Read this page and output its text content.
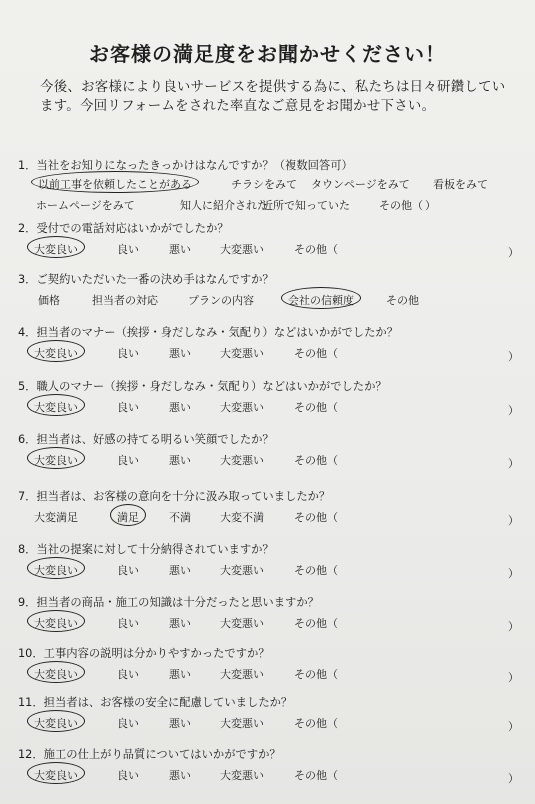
お客様の満足度をお聞かせください！
今後、お客様により良いサービスを提供する為に、私たちは日々研鑽しています。今回リフォームをされた率直なご意見をお聞かせ下さい。
1．当社をお知りになったきっかけはなんですか？（複数回答可）
以前工事を依頼したことがある	チラシをみて タウンページをみて 看板をみて
ホームページをみて	知人に紹介された
近所で知っていた	その他（ ）
2．受付での電話対応はいかがでしたか？
大変良い	良い	悪い	大変悪い	その他（	）
3．ご契約いただいた一番の決め手はなんですか？
価格	担当者の対応	プランの内容	会社の信頼度	その他
4．担当者のマナー（挨拶・身だしなみ・気配り）などはいかがでしたか？
大変良い	良い	悪い	大変悪い	その他（	）
5．職人のマナー（挨拶・身だしなみ・気配り）などはいかがでしたか？
大変良い	良い	悪い	大変悪い	その他（	）
6．担当者は、好感の持てる明るい笑顔でしたか？
大変良い	良い	悪い	大変悪い	その他（	）
7．担当者は、お客様の意向を十分に汲み取っていましたか？
大変満足	満足	不満	大変不満	その他（	）
8．当社の提案に対して十分納得されていますか？
大変良い	良い	悪い	大変悪い	その他（	）
9．担当者の商品・施工の知識は十分だったと思いますか？
大変良い	良い	悪い	大変悪い	その他（	）
10．工事内容の説明は分かりやすかったですか？
大変良い	良い	悪い	大変悪い	その他（	）
11．担当者は、お客様の安全に配慮していましたか？
大変良い	良い	悪い	大変悪い	その他（	）
12．施工の仕上がり品質についてはいかがですか？
大変良い	良い	悪い	大変悪い	その他（	）
